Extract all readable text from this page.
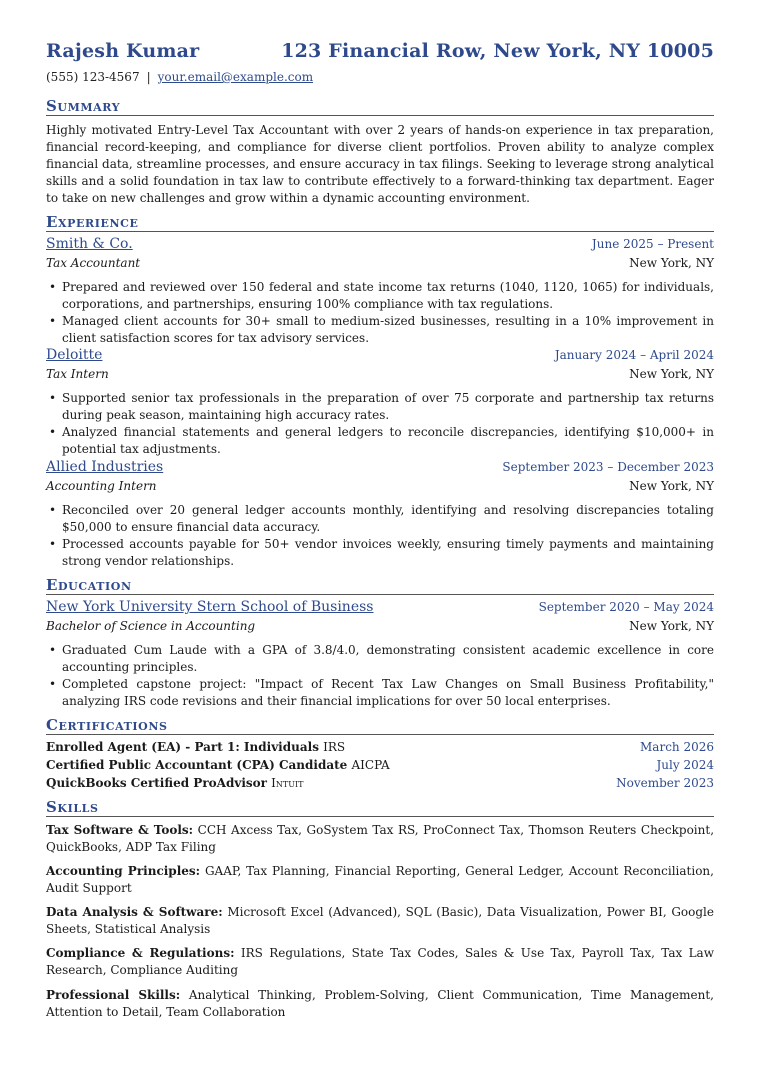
Rajesh Kumar	123 Financial Row, New York, NY 10005
(555) 123-4567 | your.email@example.com
Summary
Highly motivated Entry-Level Tax Accountant with over 2 years of hands-on experience in tax preparation, financial record-keeping, and compliance for diverse client portfolios. Proven ability to analyze complex financial data, streamline processes, and ensure accuracy in tax filings. Seeking to leverage strong analytical skills and a solid foundation in tax law to contribute effectively to a forward-thinking tax department. Eager to take on new challenges and grow within a dynamic accounting environment.
Experience
Smith & Co.	June 2025 – Present
Tax Accountant	New York, NY
• Prepared and reviewed over 150 federal and state income tax returns (1040, 1120, 1065) for individuals, corporations, and partnerships, ensuring 100% compliance with tax regulations.
• Managed client accounts for 30+ small to medium-sized businesses, resulting in a 10% improvement in client satisfaction scores for tax advisory services.
Deloitte	January 2024 – April 2024
Tax Intern	New York, NY
• Supported senior tax professionals in the preparation of over 75 corporate and partnership tax returns during peak season, maintaining high accuracy rates.
• Analyzed financial statements and general ledgers to reconcile discrepancies, identifying $10,000+ in potential tax adjustments.
Allied Industries	September 2023 – December 2023
Accounting Intern	New York, NY
• Reconciled over 20 general ledger accounts monthly, identifying and resolving discrepancies totaling $50,000 to ensure financial data accuracy.
• Processed accounts payable for 50+ vendor invoices weekly, ensuring timely payments and maintaining strong vendor relationships.
Education
New York University Stern School of Business	September 2020 – May 2024
Bachelor of Science in Accounting	New York, NY
• Graduated Cum Laude with a GPA of 3.8/4.0, demonstrating consistent academic excellence in core accounting principles.
• Completed capstone project: "Impact of Recent Tax Law Changes on Small Business Profitability," analyzing IRS code revisions and their financial implications for over 50 local enterprises.
Certifications
Enrolled Agent (EA) - Part 1: Individuals IRS	March 2026
Certified Public Accountant (CPA) Candidate AICPA	July 2024
QuickBooks Certified ProAdvisor Intuit	November 2023
Skills
Tax Software & Tools: CCH Axcess Tax, GoSystem Tax RS, ProConnect Tax, Thomson Reuters Checkpoint, QuickBooks, ADP Tax Filing
Accounting Principles: GAAP, Tax Planning, Financial Reporting, General Ledger, Account Reconciliation, Audit Support
Data Analysis & Software: Microsoft Excel (Advanced), SQL (Basic), Data Visualization, Power BI, Google Sheets, Statistical Analysis
Compliance & Regulations: IRS Regulations, State Tax Codes, Sales & Use Tax, Payroll Tax, Tax Law Research, Compliance Auditing
Professional Skills: Analytical Thinking, Problem-Solving, Client Communication, Time Management, Attention to Detail, Team Collaboration
